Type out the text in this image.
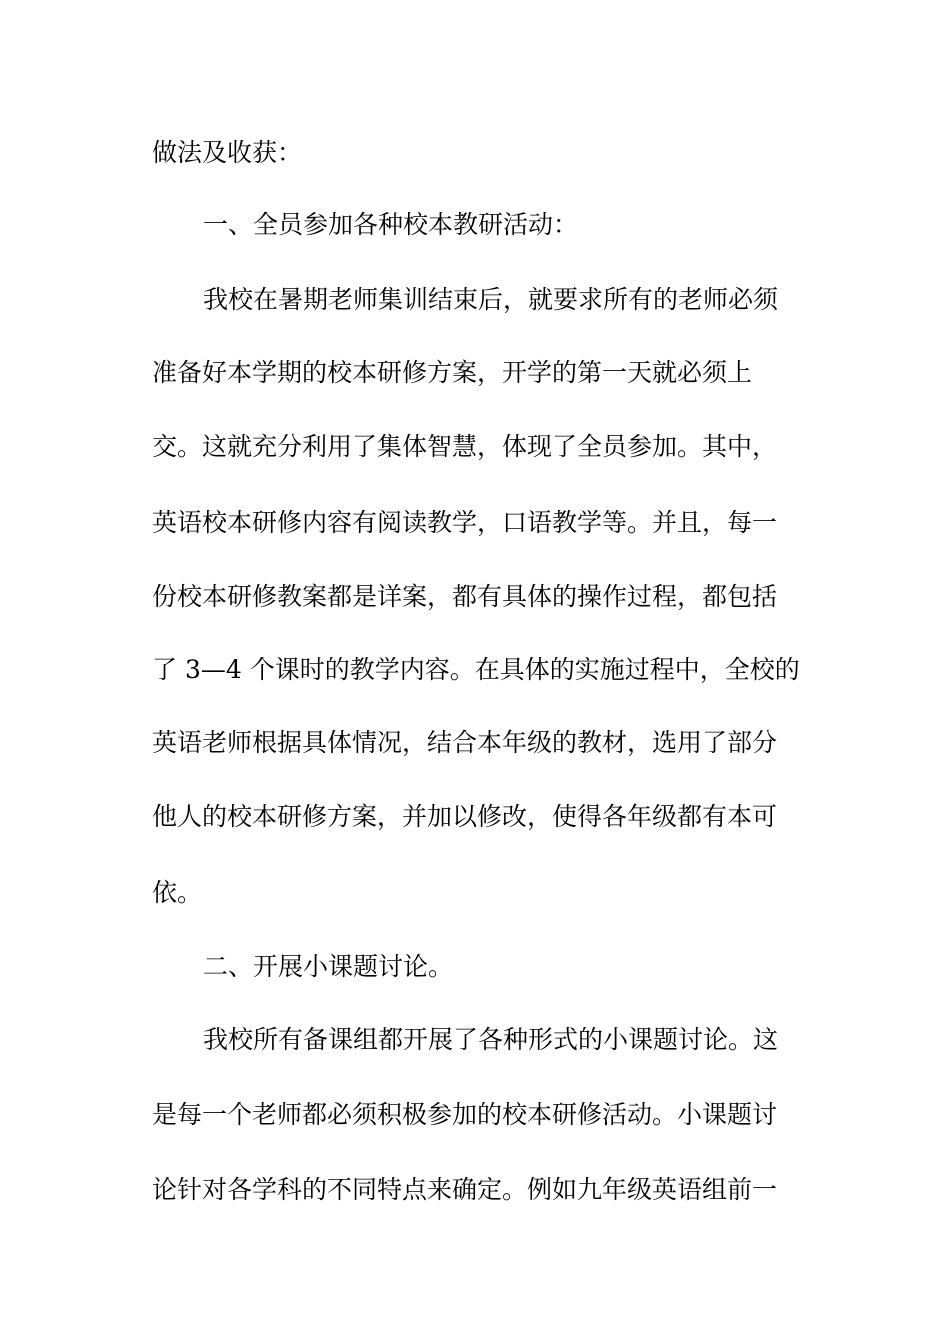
做法及收获：
一、全员参加各种校本教研活动：
我校在暑期老师集训结束后，就要求所有的老师必须
准备好本学期的校本研修方案，开学的第一天就必须上
交。这就充分利用了集体智慧，体现了全员参加。其中，
英语校本研修内容有阅读教学，口语教学等。并且，每一
份校本研修教案都是详案，都有具体的操作过程，都包括
了 3—4 个课时的教学内容。在具体的实施过程中，全校的
英语老师根据具体情况，结合本年级的教材，选用了部分
他人的校本研修方案，并加以修改，使得各年级都有本可
依。
二、开展小课题讨论。
我校所有备课组都开展了各种形式的小课题讨论。这
是每一个老师都必须积极参加的校本研修活动。小课题讨
论针对各学科的不同特点来确定。例如九年级英语组前一
